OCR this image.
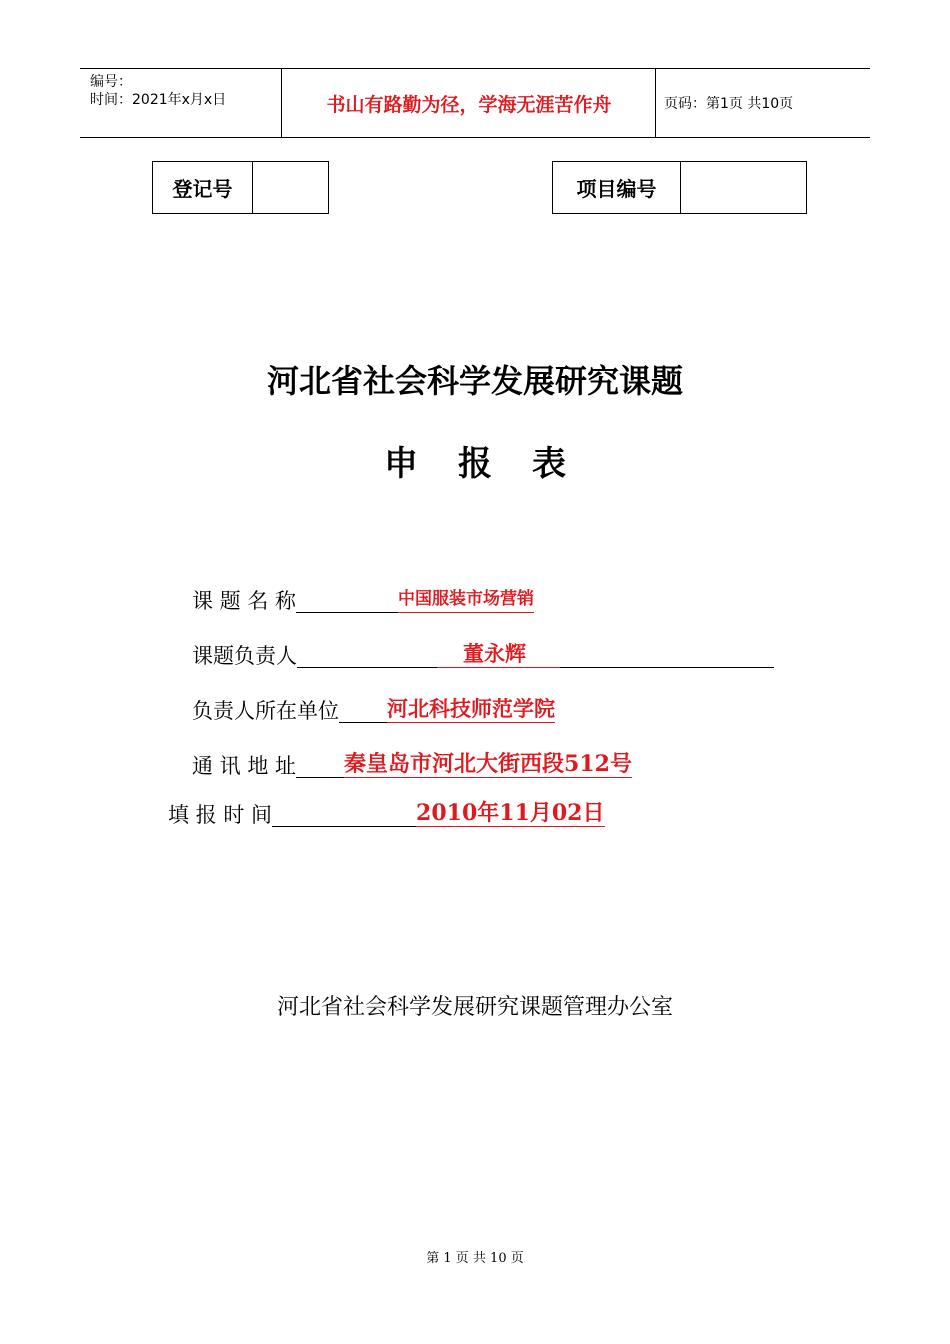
编号：
时间：2021年x月x日	书山有路勤为径，学海无涯苦作舟	页码：第1页 共10页
登记号	项目编号
河北省社会科学发展研究课题
申 报 表
课 题 名 称	中国服装市场营销
课题负责人	董永辉
负责人所在单位 河北科技师范学院
通 讯 地 址 秦皇岛市河北大街西段512号
填 报 时 间	2010年11月02日
河北省社会科学发展研究课题管理办公室
第 1 页 共 10 页
